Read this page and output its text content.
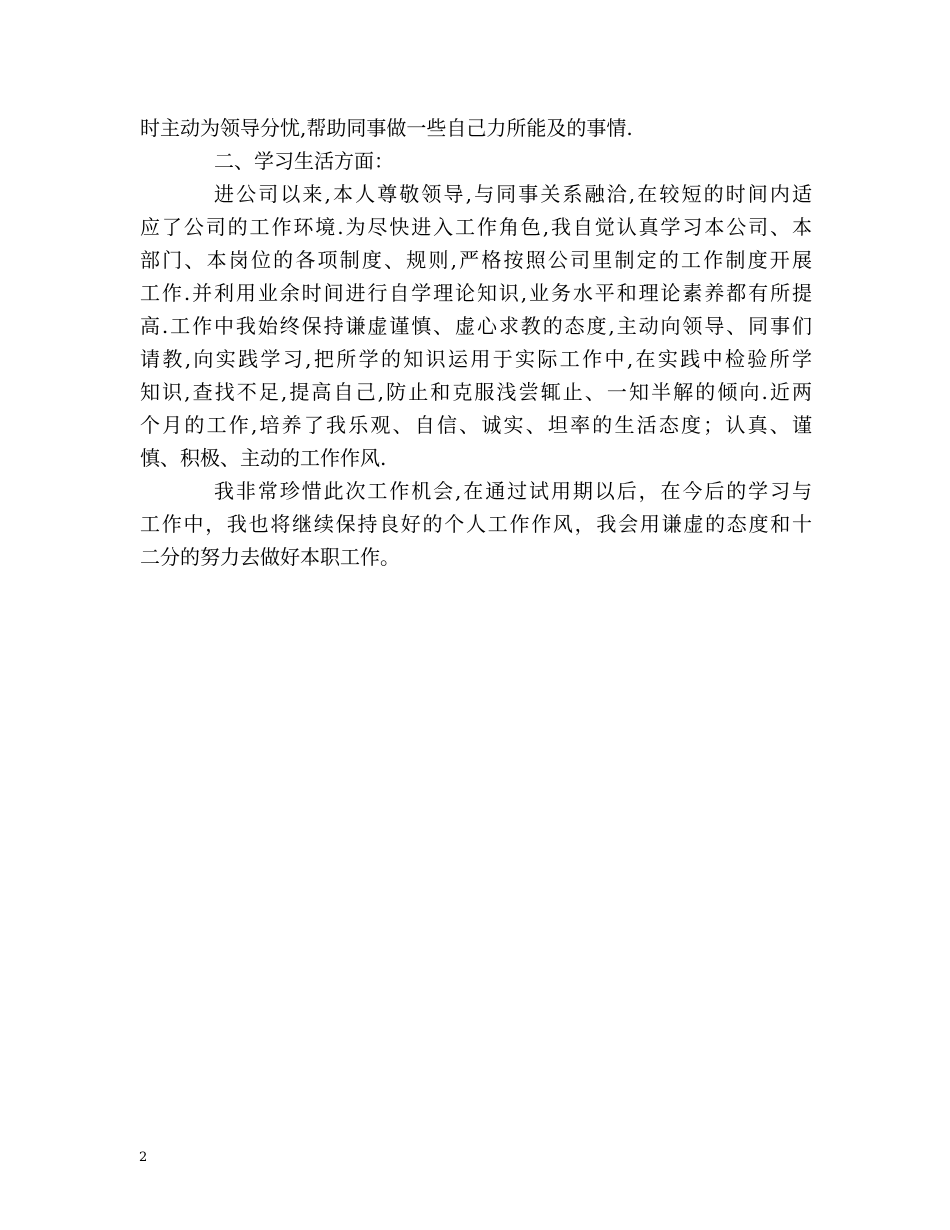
时主动为领导分忧,帮助同事做一些自己力所能及的事情.
二、学习生活方面：
进公司以来,本人尊敬领导,与同事关系融洽,在较短的时间内适
应了公司的工作环境.为尽快进入工作角色,我自觉认真学习本公司、本
部门、本岗位的各项制度、规则,严格按照公司里制定的工作制度开展
工作.并利用业余时间进行自学理论知识,业务水平和理论素养都有所提
高.工作中我始终保持谦虚谨慎、虚心求教的态度,主动向领导、同事们
请教,向实践学习,把所学的知识运用于实际工作中,在实践中检验所学
知识,查找不足,提高自己,防止和克服浅尝辄止、一知半解的倾向.近两
个月的工作,培养了我乐观、自信、诚实、坦率的生活态度；认真、谨
慎、积极、主动的工作作风.
我非常珍惜此次工作机会,在通过试用期以后，在今后的学习与
工作中，我也将继续保持良好的个人工作作风，我会用谦虚的态度和十
二分的努力去做好本职工作。
2
